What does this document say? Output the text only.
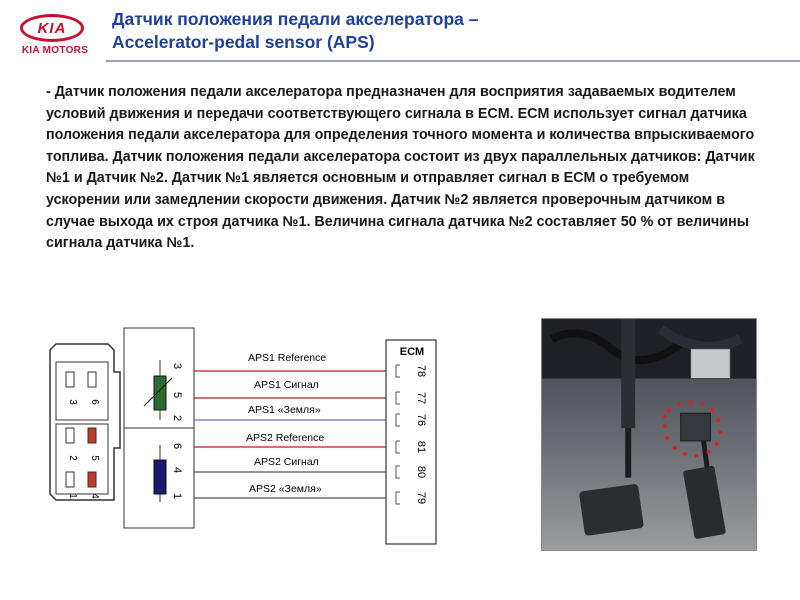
KIA
KIA MOTORS
Датчик положения педали акселератора –
Accelerator-pedal sensor (APS)
- Датчик положения педали акселератора предназначен для восприятия задаваемых водителем условий движения и передачи соответствующего сигнала в ECM. ECM использует сигнал датчика положения педали акселератора для определения точного момента и количества впрыскиваемого топлива. Датчик положения педали акселератора состоит из двух параллельных датчиков: Датчик №1 и Датчик №2. Датчик №1 является основным и отправляет сигнал в ECM о требуемом ускорении или замедлении скорости движения. Датчик №2 является проверочным датчиком в случае выхода их строя датчика №1. Величина сигнала датчика №2 составляет 50 % от величины сигнала датчика №1.
3 6
2 5
1 4
3
5
2
6
4
1
APS1 Reference
APS1 Сигнал
APS1 «Земля»
APS2 Reference
APS2 Сигнал
APS2 «Земля»
ECM
78
77
76
81
80
79
